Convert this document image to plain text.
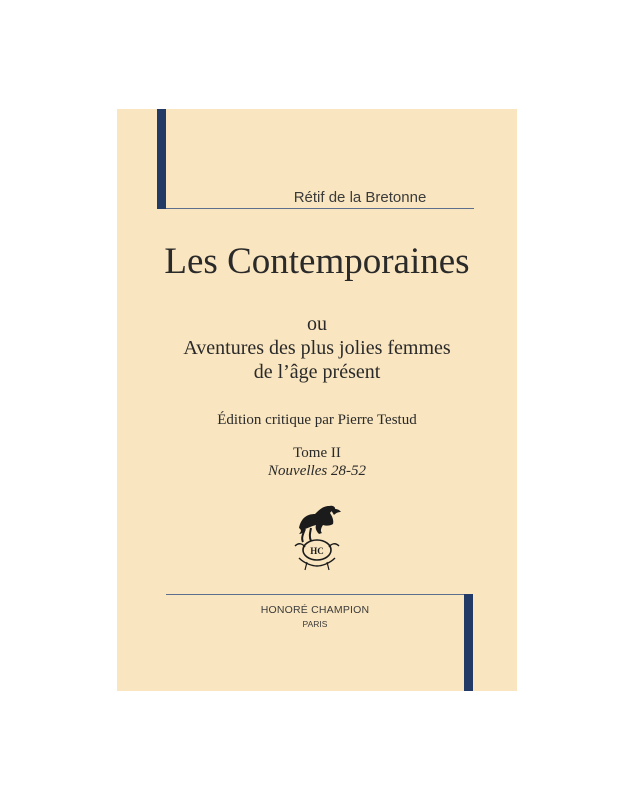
Rétif de la Bretonne
Les Contemporaines
ou
Aventures des plus jolies femmes
de l’âge présent
Édition critique par Pierre Testud
Tome II
Nouvelles 28-52
HC
HONORÉ CHAMPION
PARIS
